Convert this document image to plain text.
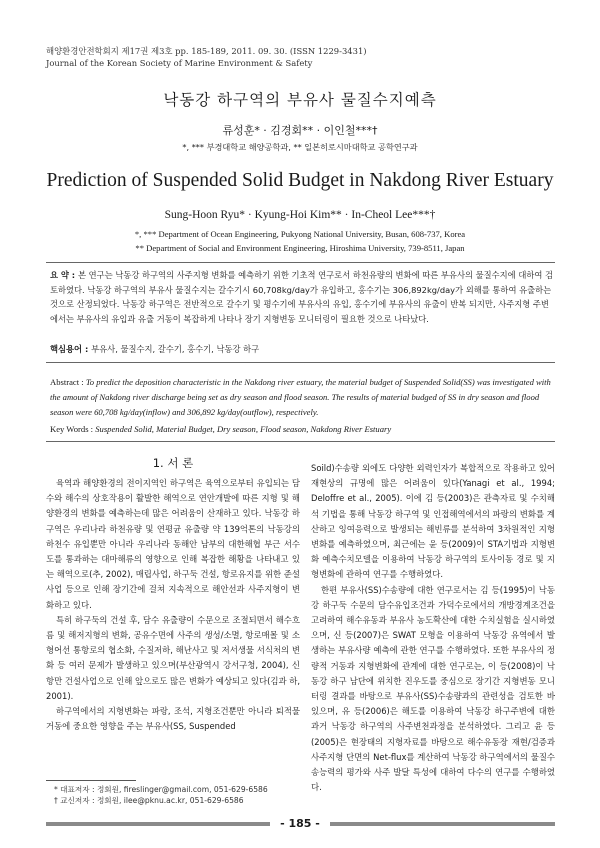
해양환경안전학회지 제17권 제3호 pp. 185-189, 2011. 09. 30. (ISSN 1229-3431)
Journal of the Korean Society of Marine Environment & Safety
낙동강 하구역의 부유사 물질수지예측
류성훈* · 김경회** · 이인철***†
*, *** 부경대학교 해양공학과, ** 일본히로시마대학교 공학연구과
Prediction of Suspended Solid Budget in Nakdong River Estuary
Sung-Hoon Ryu* · Kyung-Hoi Kim** · In-Cheol Lee***†
*, *** Department of Ocean Engineering, Pukyong National University, Busan, 608-737, Korea
** Department of Social and Environment Engineering, Hiroshima University, 739-8511, Japan
요 약 : 본 연구는 낙동강 하구역의 사주지형 변화를 예측하기 위한 기초적 연구로서 하천유량의 변화에 따른 부유사의 물질수지에 대하여 검토하였다. 낙동강 하구역의 부유사 물질수지는 갈수기시 60,708kg/day가 유입하고, 홍수기는 306,892kg/day가 외해를 통하여 유출하는 것으로 산정되었다. 낙동강 하구역은 전반적으로 갈수기 및 평수기에 부유사의 유입, 홍수기에 부유사의 유출이 반복 되지만, 사주지형 주변에서는 부유사의 유입과 유출 거동이 복잡하게 나타나 장기 지형변동 모니터링이 필요한 것으로 나타났다.
핵심용어 : 부유사, 물질수지, 갈수기, 홍수기, 낙동강 하구
Abstract : To predict the deposition characteristic in the Nakdong river estuary, the material budget of Suspended Solid(SS) was investigated with the amount of Nakdong river discharge being set as dry season and flood season. The results of material budged of SS in dry season and flood season were 60,708 kg/day(inflow) and 306,892 kg/day(outflow), respectively.
Key Words : Suspended Solid, Material Budget, Dry season, Flood season, Nakdong River Estuary
1. 서 론

육역과 해양환경의 전이지역인 하구역은 육역으로부터 유입되는 담수와 해수의 상호작용이 활발한 해역으로 연안개발에 따른 지형 및 해양환경의 변화를 예측하는데 많은 어려움이 산재하고 있다. 낙동강 하구역은 우리나라 하천유량 및 연평균 유출량 약 139억톤의 낙동강의 하천수 유입뿐만 아니라 우리나라 동해안 남부의 대한해협 부근 서수도를 통과하는 대마해류의 영향으로 인해 복잡한 해황을 나타내고 있는 해역으로(추, 2002), 매립사업, 하구둑 건설, 항로유지를 위한 준설사업 등으로 인해 장기간에 걸쳐 지속적으로 해안선과 사주지형이 변화하고 있다.

특히 하구둑의 건설 후, 담수 유출량이 수문으로 조절되면서 해수흐름 및 해저지형의 변화, 공유수면에 사주의 생성/소멸, 항로매몰 및 소형어선 통항로의 협소화, 수질저하, 해난사고 및 저서생물 서식처의 변화 등 여러 문제가 발생하고 있으며(부산광역시 강서구청, 2004), 신항만 건설사업으로 인해 앞으로도 많은 변화가 예상되고 있다(김과 하, 2001).

하구역에서의 지형변화는 파랑, 조석, 지형조건뿐만 아니라 퇴적물 거동에 중요한 영향을 주는 부유사(SS, Suspended

Soild)수송량 외에도 다양한 외력인자가 복합적으로 작용하고 있어 재현상의 규명에 많은 어려움이 있다(Yanagi et al., 1994; Deloffre et al., 2005). 이에 김 등(2003)은 관측자료 및 수치해석 기법을 통해 낙동강 하구역 및 인접해역에서의 파랑의 변화를 계산하고 잉여응력으로 발생되는 해빈류를 분석하여 3차원적인 지형변화를 예측하였으며, 최근에는 윤 등(2009)이 STA기법과 지형변화 예측수치모델을 이용하여 낙동강 하구역의 토사이동 경로 및 지형변화에 관하여 연구를 수행하였다.

한편 부유사(SS)수송량에 대한 연구로서는 김 등(1995)이 낙동강 하구둑 수문의 담수유입조건과 가덕수로에서의 개방경계조건을 고려하여 해수유동과 부유사 농도확산에 대한 수치실험을 실시하였으며, 신 등(2007)은 SWAT 모형을 이용하여 낙동강 유역에서 발생하는 부유사량 예측에 관한 연구를 수행하였다. 또한 부유사의 정량적 거동과 지형변화에 관계에 대한 연구로는, 이 등(2008)이 낙동강 하구 남단에 위치한 진우도를 중심으로 장기간 지형변동 모니터링 결과를 바탕으로 부유사(SS)수송량과의 관련성을 검토한 바 있으며, 유 등(2006)은 해도를 이용하여 낙동강 하구주변에 대한 과거 낙동강 하구역의 사주변천과정을 분석하였다. 그리고 윤 등(2005)은 현장태의 지형자료를 바탕으로 해수유동장 재현/검증과 사주지형 단면의 Net-flux를 계산하여 낙동강 하구역에서의 물질수송능력의 평가와 사주 발달 특성에 대하여 다수의 연구를 수행하였다.

* 대표저자 : 정회원, fireslinger@gmail.com, 051-629-6586
† 교신저자 : 정회원, ilee@pknu.ac.kr, 051-629-6586
- 185 -
